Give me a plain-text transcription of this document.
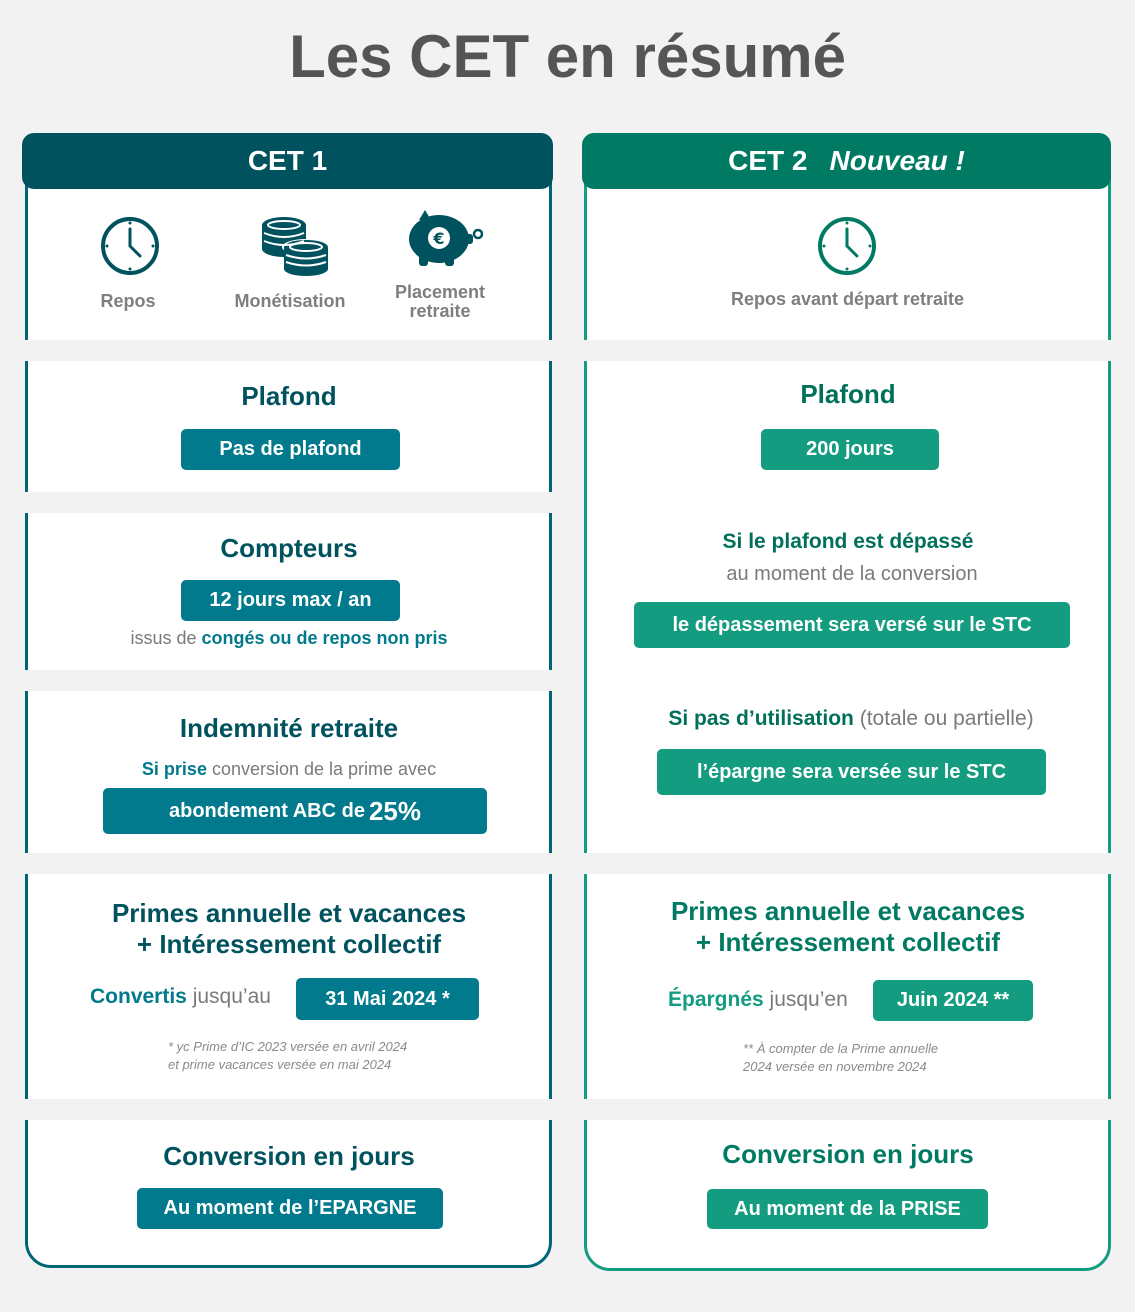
Les CET en résumé
CET 1	CET 2 Nouveau !
Repos	Monétisation
€
Placement
retraite
Repos avant départ retraite
Plafond
Pas de plafond
Compteurs
12 jours max / an
issus de congés ou de repos non pris
Indemnité retraite
Si prise conversion de la prime avec
abondement ABC de 25%
Primes annuelle et vacances
+ Intéressement collectif
Convertis jusqu’au	31 Mai 2024 *
* yc Prime d’IC 2023 versée en avril 2024
et prime vacances versée en mai 2024
Conversion en jours
Au moment de l’EPARGNE
Plafond
200 jours
Si le plafond est dépassé
au moment de la conversion
le dépassement sera versé sur le STC
Si pas d’utilisation (totale ou partielle)
l’épargne sera versée sur le STC
Primes annuelle et vacances
+ Intéressement collectif
Épargnés jusqu’en	Juin 2024 **
** À compter de la Prime annuelle
2024 versée en novembre 2024
Conversion en jours
Au moment de la PRISE
